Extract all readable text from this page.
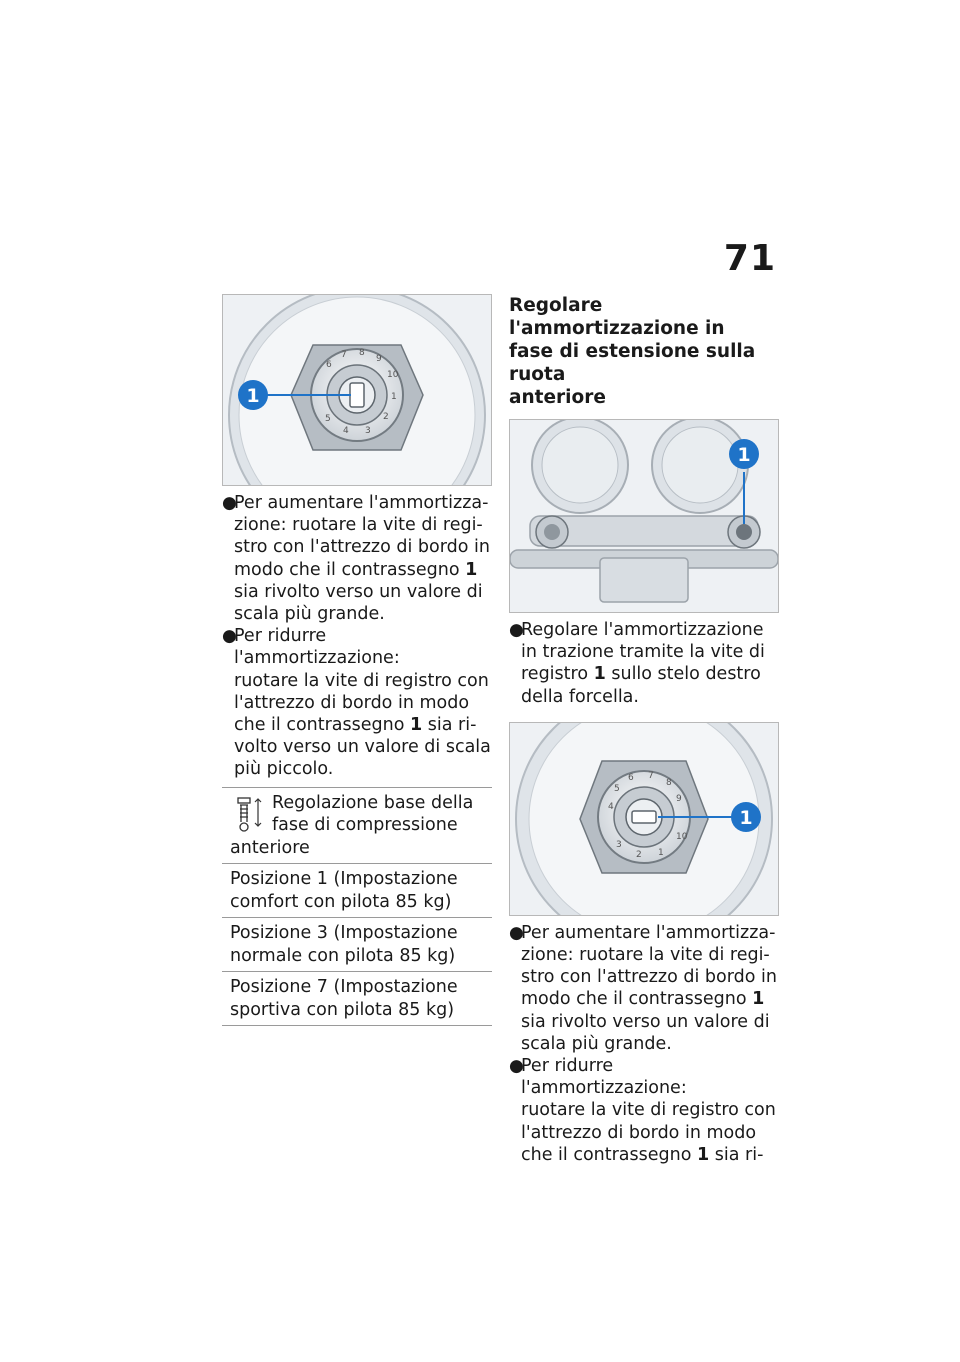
71
6
7 8
9
10
1
2
3
4
5
1
●
Per aumentare l'ammortizza-
zione: ruotare la vite di regi-
stro con l'attrezzo di bordo in
modo che il contrassegno 1
sia rivolto verso un valore di
scala più grande.
●
Per ridurre l'ammortizzazione:
ruotare la vite di registro con
l'attrezzo di bordo in modo
che il contrassegno 1 sia ri-
volto verso un valore di scala
più piccolo.
Regolazione base della
fase di compressione
anteriore

Posizione 1 (Impostazione
comfort con pilota 85 kg)
Posizione 3 (Impostazione
normale con pilota 85 kg)
Posizione 7 (Impostazione
sportiva con pilota 85 kg)
Regolare l'ammortizzazione in
fase di estensione sulla ruota
anteriore
1
●
Regolare l'ammortizzazione
in trazione tramite la vite di
registro 1 sullo stelo destro
della forcella.
4
5
6 7
8
9
10
1
2
3
1
●
Per aumentare l'ammortizza-
zione: ruotare la vite di regi-
stro con l'attrezzo di bordo in
modo che il contrassegno 1
sia rivolto verso un valore di
scala più grande.
●
Per ridurre l'ammortizzazione:
ruotare la vite di registro con
l'attrezzo di bordo in modo
che il contrassegno 1 sia ri-
